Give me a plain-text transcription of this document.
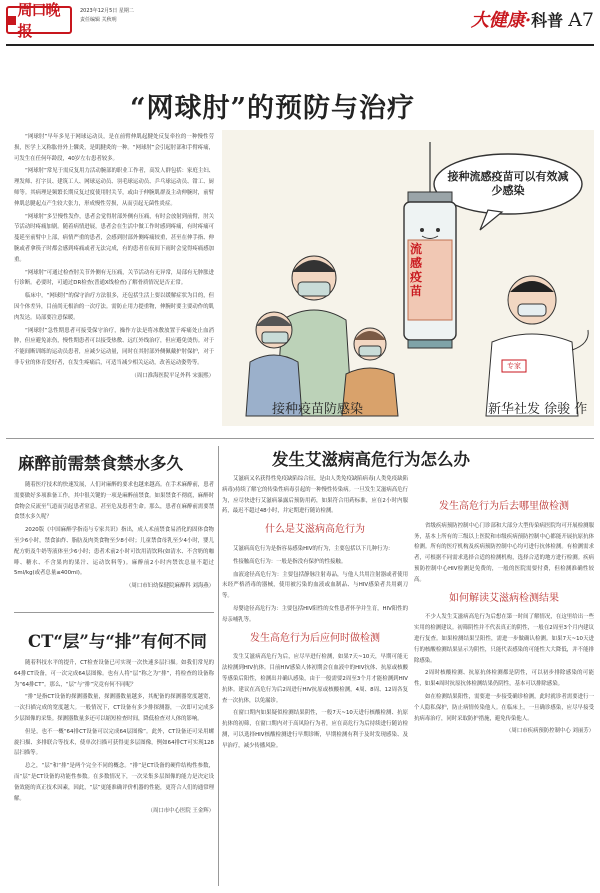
周口晚报
2023年12月5日 星期二
责任编辑 关秋明	大健康·科普 A7
“网球肘”的预防与治疗

“网球肘”早年多见于网球运动员，是在前臂伸肌起腱处反复牵拉的一种慢性劳损，医学上又称肱骨外上髁炎，是肌腱炎的一种。“网球肘”会引起肘部和手臂疼痛，可发生在任何年龄段，40岁左右患者较多。

“网球肘”常见于需反复用力活动腕部的职业工作者，高发人群包括：家庭主妇、理发师、打字员、建筑工人、网球运动员、羽毛球运动员、乒乓球运动员、钳工、厨师等。其病理是频繁长期反复过度使用肘关节，或由于伸腕肌群及主动伸腕时，前臂伸肌总腱起点产生较大张力，形成慢性劳损，从而引起无菌性炎症。

“网球肘”多呈慢性发作，患者会觉得肘部外侧有压痛，有时会放射到前臂，肘关节活动时疼痛加剧。随着病情进展，患者会在生活中做工作时感到疼痛，有时疼痛可蔓延至前臂中上部，病情严重的患者，会感到肘部外侧疼痛较重，甚至在伸手指、伸腕或者拿筷子时都会感到疼痛或者无法完成，有的患者在夜间下雨时会觉得疼痛感加重。

“网球肘”可通过检查肘关节外侧有无压痛，关节活动有无异常，局部有无肿胀进行诊断。必要时，可通过DR检查(普通X线检查)了解骨质情况是否正常。

临床中，“网球肘”的保守治疗方法很多，还包括生活上要以缓解症状为目的，但因个体差异，目前尚无根治的一次疗法。需防止用力提重物，伸腕时要主要动作的肌肉发达。局部要注意保暖。

“网球肘”急性期患者可接受保守治疗，操作方法是将冰敷放置于疼痛处止血消肿，但应避免冻伤，慢性期患者可以接受热敷、远红外线治疗，但应避免烫伤。对于不能间断训练的运动员患者，应减少运动量，同时在其肘部外侧佩戴护肘保护，对于非专业的体育爱好者，在发生疼痛后，可适当减少相关运动，改善运动姿势等。

（周口淮海医院平足外科 宋振熙）

接种流感疫苗可以有效减少感染
流感疫苗
专家
接种疫苗防感染	新华社发 徐骏 作
麻醉前需禁食禁水多久

随着医疗技术的快速发展，人们对麻醉的要求也越来越高。在手术麻醉前，患者需要做好多项准备工作，其中很关键的一项是麻醉前禁食。如果禁食不彻底，麻醉时食物会反流至气道而引起患者窒息，甚至危及患者生命。那么，患者在麻醉前需要禁食禁水多久呢？

2020版《中国麻醉学指南与专家共识》指出，成人术前禁食易消化的固体食物至少6小时，禁食油炸、脂肪及肉类食物至少8小时；儿童禁食母乳至少4小时，婴儿配方奶及牛奶等液体至少6小时；患者术前2小时可饮用清饮料(如清水、不含奶的咖啡、糖水、不含果肉的果汁、运动饮料等)。麻醉前2小时内禁饮总量不超过5ml/kg(或者总量≤400ml)。

（周口市妇幼保健院麻醉科 刘海燕）

CT“层”与“排”有何不同

随着科技水平的提升，CT检查设备已可实现一次快速多层扫描。如我们常见的64排CT设备，可一次完成64层图像。也有人将“层”称之为“排”，将检查的设备称为“64排CT”。那么，“层”与“排”究竟有何不同呢？

“排”是指CT设备的探测器数量，探测器数量越多，其配备的探测器宽度越宽，一次扫描完成的宽度越大。一般情况下，CT设备有多少排探测器，一次即可完成多少层图像的采集。探测器数量多还可以缩短检查时间，降低检查对人体的影响。

但是，也不一概“64排CT设备可以完成64层图像”。此外，CT设备还可采用螺旋扫描、多排联合等技术，使单次扫描可获得更多层图像，例如64排CT可实现128层扫描等。

总之，“层”和“排”是两个完全不同的概念。“排”是CT设备的硬件结构性参数，而“层”是CT设备的功能性参数。在多数情况下，一次采集多层图像的能力是决定设备效能的真正技术因素，因此，“层”更能准确评价机器的性能，更符合人们的通常理解。

（周口市中心医院 王金辉）

发生艾滋病高危行为怎么办

艾滋病又名获得性免疫缺陷综合征，是由人类免疫缺陷病毒(人类免疫缺陷病毒)持续了解它的传染性病毒引起的一种慢性传染病。一旦发生艾滋病高危行为，应尽快进行艾滋病暴露后预防用药，如果符合用药标准，应在2小时内服药，最迟不超过48小时，并定期进行随访检测。

什么是艾滋病高危行为

艾滋病高危行为是指容易感染HIV的行为，主要包括以下几种行为：

性接触高危行为：一般是指没有保护的性接触。

血液途径高危行为：主要包括静脉注射毒品，与他人共用注射器或者使用未经严格消毒的器械，使用被污染的血液或血制品、与HIV感染者共用剃刀等。

母婴途径高危行为：主要包括HIV阳性的女性患者怀孕并生育，HIV阳性的母亲哺乳等。

发生高危行为后应何时做检测

发生艾滋病高危行为后，应尽早进行检测，如果7天~10天，早期可能无法检测到HIV抗体。目前HIV感染人体初期会在血液中的HIV抗体、抗原或核酸等感染后阳性，检测出并确认感染，由于一般需要2周至3个月才能检测到HIV抗体。建议在高危行为后2周进行HIV抗原或核酸检测，4周、8周、12周各复查一次抗体，以免漏诊。

在窗口期内如果疑似检测结果阴性，一般7天~10天进行核酸检测、抗原抗体的初筛，在窗口期内对于高风险行为者，应在高危行为后持续进行随访检测，可以选择HIV核酸检测进行早期诊断，早期检测有利于及时发现感染、及早治疗，减少传播风险。

发生高危行为后去哪里做检测

省级疾病预防控制中心门诊部和大部分大型传染病医院均可开展检测服务，基本上所有的三级以上医院和市级疾病预防控制中心都能开展抗原抗体检测。所有的医疗机构及疾病预防控制中心均可进行抗体检测。有检测需求者，可根据不同需求选择合适的检测机构，选择合适的地方进行检测。疾病预防控制中心HIV检测是免费的，一般的医院需要付费，但检测准确性较高。

如何解读艾滋病检测结果

不少人发生艾滋病高危行为后想在第一时间了解情况，在这里给出一些实用的检测建议。初筛阴性并不代表真正的阴性，一般在2周至3个月内建议进行复查。如果检测结果呈阳性，需进一步做确认检测。如果7天~10天进行的核酸检测结果显示为阴性，只能代表感染的可能性大大降低，并不能排除感染。

2周时核酸检测、抗原抗体检测都是阴性，可以初步排除感染的可能性，如果4周时抗原抗体检测结果仍阴性，基本可以排除感染。

如在检测结果阳性，需要进一步接受确诊检测，此时就诊者需要进行一个人隐私保护，防止病情传染他人。在临床上，一旦确诊感染，应尽早接受抗病毒治疗，同时采取防护措施，避免传染他人。

（周口市疾病预防控制中心 刘丽芳）
